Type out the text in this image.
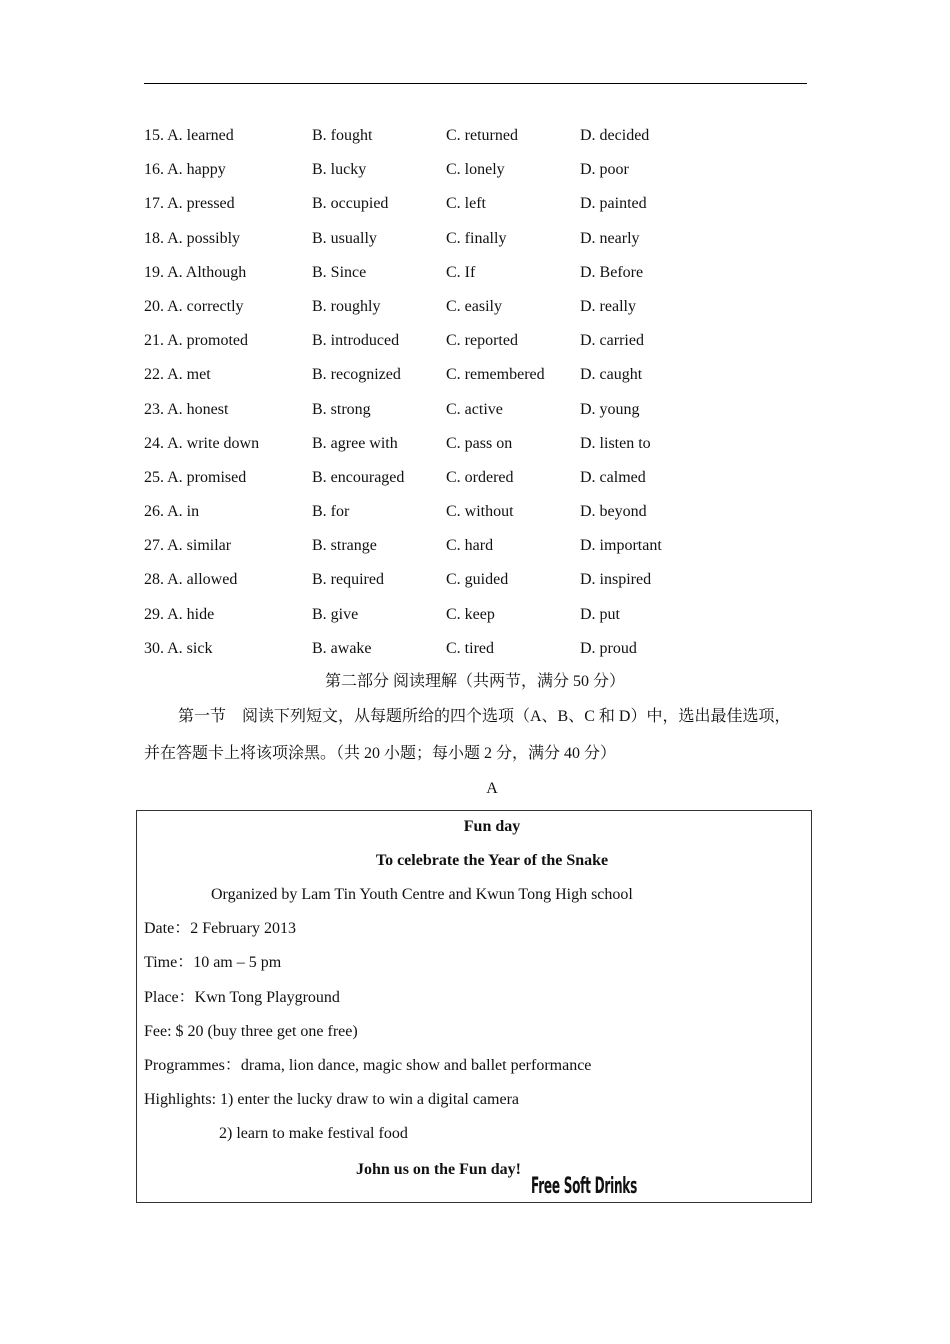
15. A. learned	B. fought	C. returned	D. decided
16. A. happy	B. lucky	C. lonely	D. poor
17. A. pressed	B. occupied	C. left	D. painted
18. A. possibly	B. usually	C. finally	D. nearly
19. A. Although	B. Since	C. If	D. Before
20. A. correctly	B. roughly	C. easily	D. really
21. A. promoted	B. introduced	C. reported	D. carried
22. A. met	B. recognized	C. remembered D. caught
23. A. honest	B. strong	C. active	D. young
24. A. write down	B. agree with	C. pass on	D. listen to
25. A. promised	B. encouraged	C. ordered	D. calmed
26. A. in	B. for	C. without	D. beyond
27. A. similar	B. strange	C. hard	D. important
28. A. allowed	B. required	C. guided	D. inspired
29. A. hide	B. give	C. keep	D. put
30. A. sick	B. awake	C. tired	D. proud
第二部分 阅读理解（共两节，满分 50 分）
第一节　阅读下列短文，从每题所给的四个选项（A、B、C 和 D）中，选出最佳选项，
并在答题卡上将该项涂黑。（共 20 小题；每小题 2 分，满分 40 分）
A
Fun day
To celebrate the Year of the Snake
Organized by Lam Tin Youth Centre and Kwun Tong High school
Date：2 February 2013
Time：10 am – 5 pm
Place：Kwn Tong Playground
Fee: $ 20 (buy three get one free)
Programmes：drama, lion dance, magic show and ballet performance
Highlights: 1) enter the lucky draw to win a digital camera
2) learn to make festival food
John us on the Fun day!
Free Soft Drinks
